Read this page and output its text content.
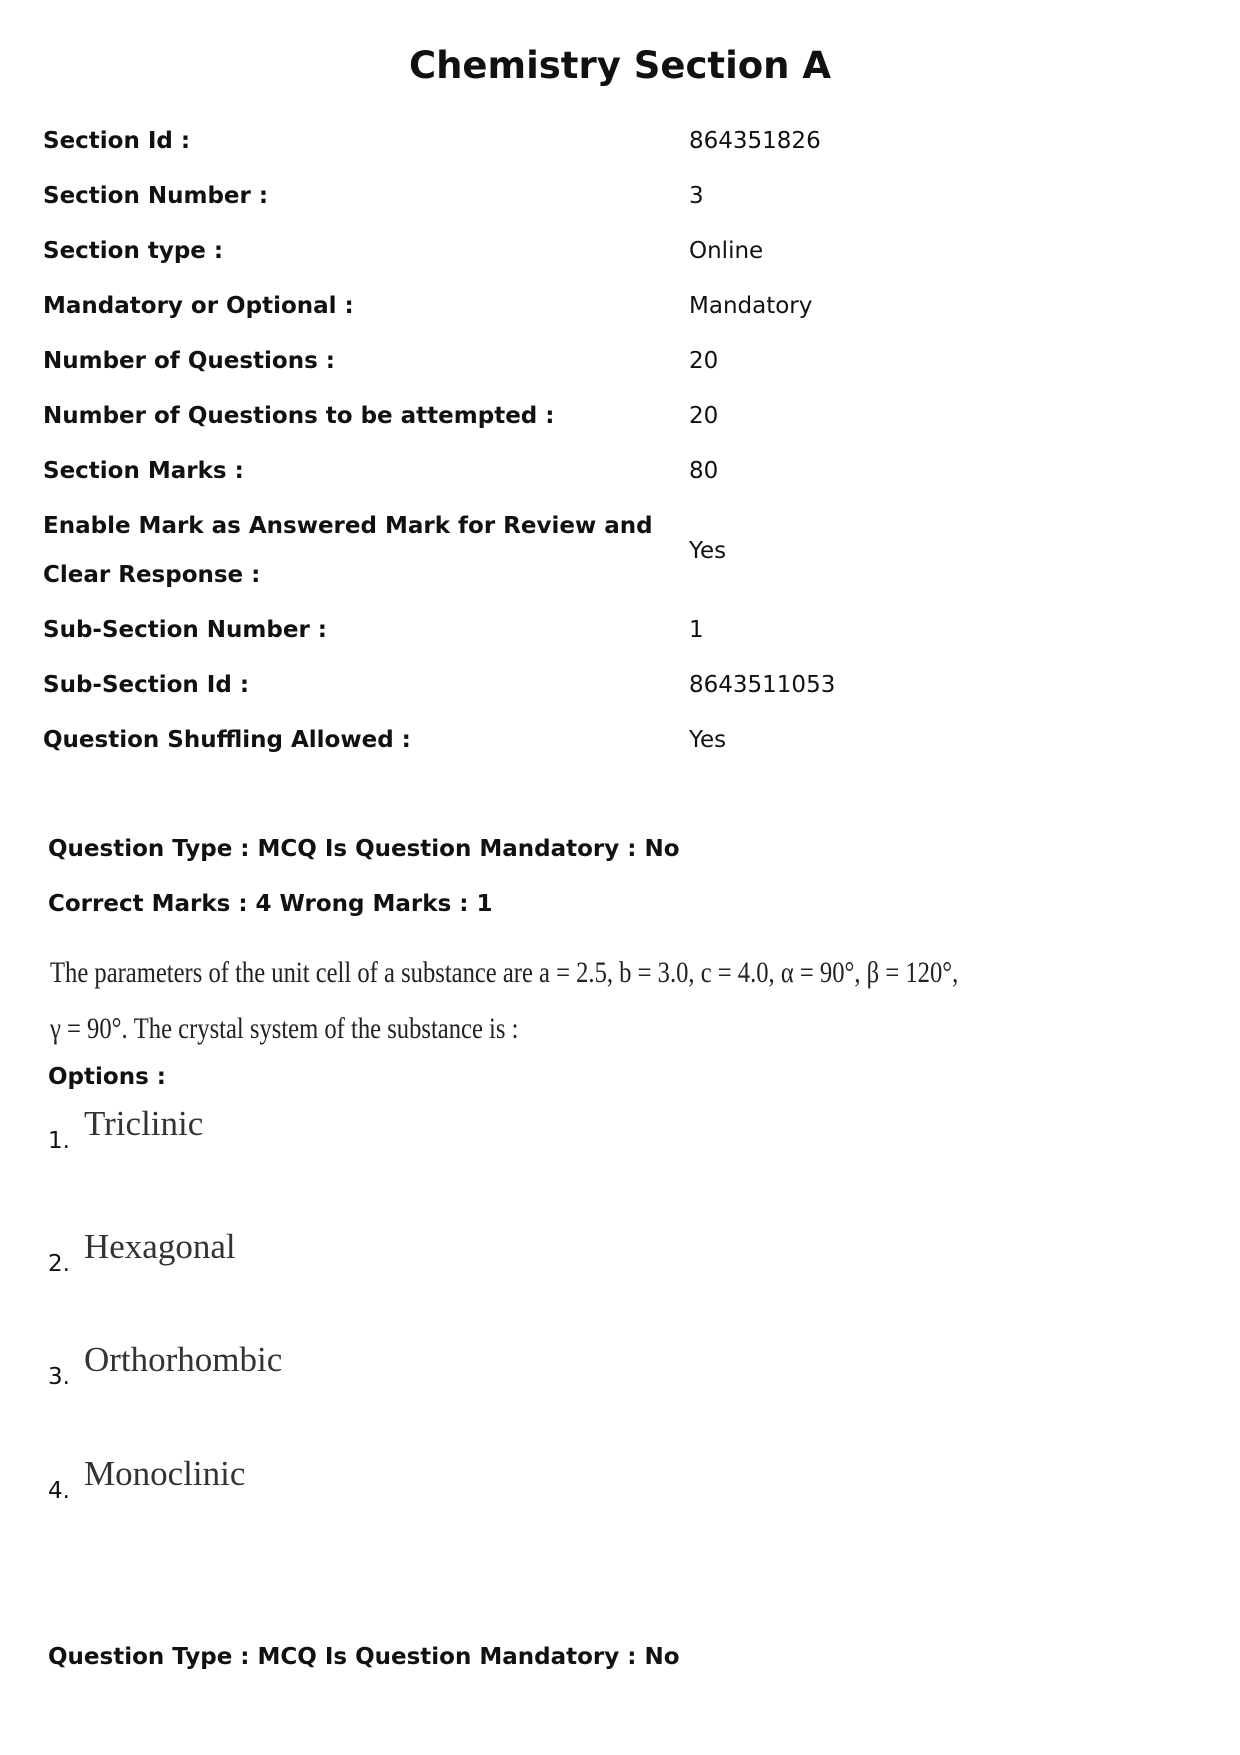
Chemistry Section A
Section Id :	864351826
Section Number :	3
Section type :	Online
Mandatory or Optional :	Mandatory
Number of Questions :	20
Number of Questions to be attempted :	20
Section Marks :	80
Enable Mark as Answered Mark for Review and Clear Response :
Yes
Sub-Section Number :	1
Sub-Section Id :	8643511053
Question Shuffling Allowed :	Yes
Question Type : MCQ Is Question Mandatory : No
Correct Marks : 4 Wrong Marks : 1
The parameters of the unit cell of a substance are a = 2.5, b = 3.0, c = 4.0, α = 90°, β = 120°,
γ = 90°. The crystal system of the substance is :
Options :
1. Triclinic
2. Hexagonal
3. Orthorhombic
4. Monoclinic
Question Type : MCQ Is Question Mandatory : No
